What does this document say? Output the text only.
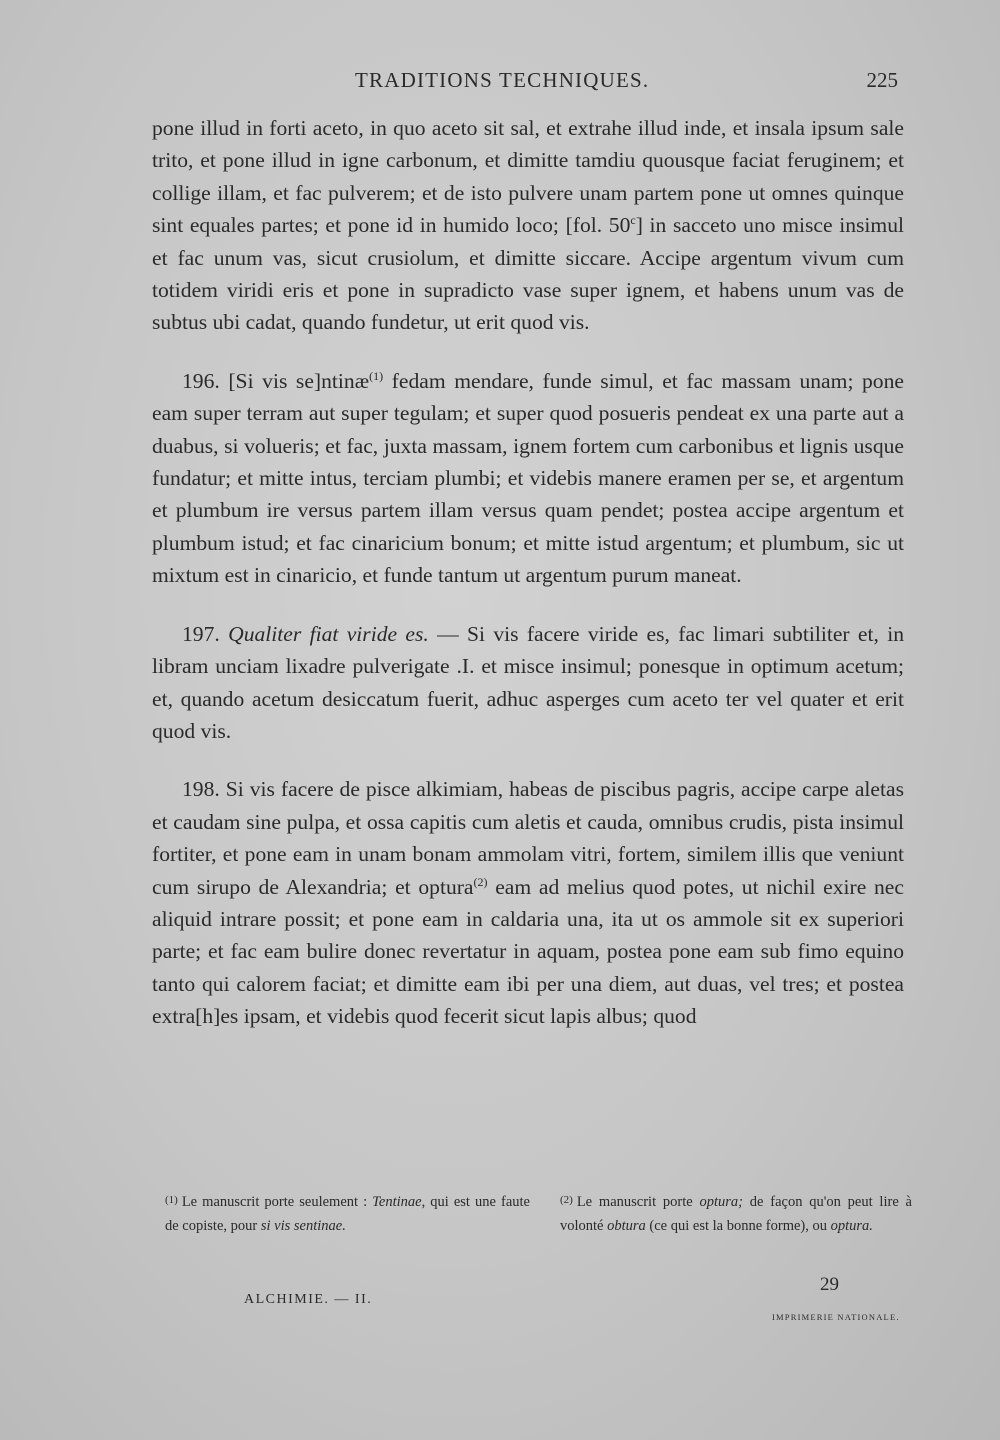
TRADITIONS TECHNIQUES.	225

pone illud in forti aceto, in quo aceto sit sal, et extrahe illud inde, et insala ipsum sale trito, et pone illud in igne carbonum, et dimitte tamdiu quousque faciat feruginem; et collige illam, et fac pulverem; et de isto pulvere unam partem pone ut omnes quinque sint equales partes; et pone id in humido loco; [fol. 50$^c$] in sacceto uno misce insimul et fac unum vas, sicut crusiolum, et dimitte siccare. Accipe argentum vivum cum totidem viridi eris et pone in supradicto vase super ignem, et habens unum vas de subtus ubi cadat, quando fundetur, ut erit quod vis.

196. [Si vis se]ntinæ$^{(1)}$ fedam mendare, funde simul, et fac massam unam; pone eam super terram aut super tegulam; et super quod posueris pendeat ex una parte aut a duabus, si volueris; et fac, juxta massam, ignem fortem cum carbonibus et lignis usque fundatur; et mitte intus, terciam plumbi; et videbis manere eramen per se, et argentum et plumbum ire versus partem illam versus quam pendet; postea accipe argentum et plumbum istud; et fac cinaricium bonum; et mitte istud argentum; et plumbum, sic ut mixtum est in cinaricio, et funde tantum ut argentum purum maneat.

197. Qualiter fiat viride es. — Si vis facere viride es, fac limari subtiliter et, in libram unciam lixadre pulverigate .I. et misce insimul; ponesque in optimum acetum; et, quando acetum desiccatum fuerit, adhuc asperges cum aceto ter vel quater et erit quod vis.

198. Si vis facere de pisce alkimiam, habeas de piscibus pagris, accipe carpe aletas et caudam sine pulpa, et ossa capitis cum aletis et cauda, omnibus crudis, pista insimul fortiter, et pone eam in unam bonam ammolam vitri, fortem, similem illis que veniunt cum sirupo de Alexandria; et optura$^{(2)}$ eam ad melius quod potes, ut nichil exire nec aliquid intrare possit; et pone eam in caldaria una, ita ut os ammole sit ex superiori parte; et fac eam bulire donec revertatur in aquam, postea pone eam sub fimo equino tanto qui calorem faciat; et dimitte eam ibi per una diem, aut duas, vel tres; et postea extra[h]es ipsam, et videbis quod fecerit sicut lapis albus; quod

$^{(1)}$ Le manuscrit porte seulement : Tentinae, qui est une faute de copiste, pour si vis sentinae.
$^{(2)}$ Le manuscrit porte optura; de façon qu'on peut lire à volonté obtura (ce qui est la bonne forme), ou optura.
ALCHIMIE. — II.
29
IMPRIMERIE NATIONALE.
